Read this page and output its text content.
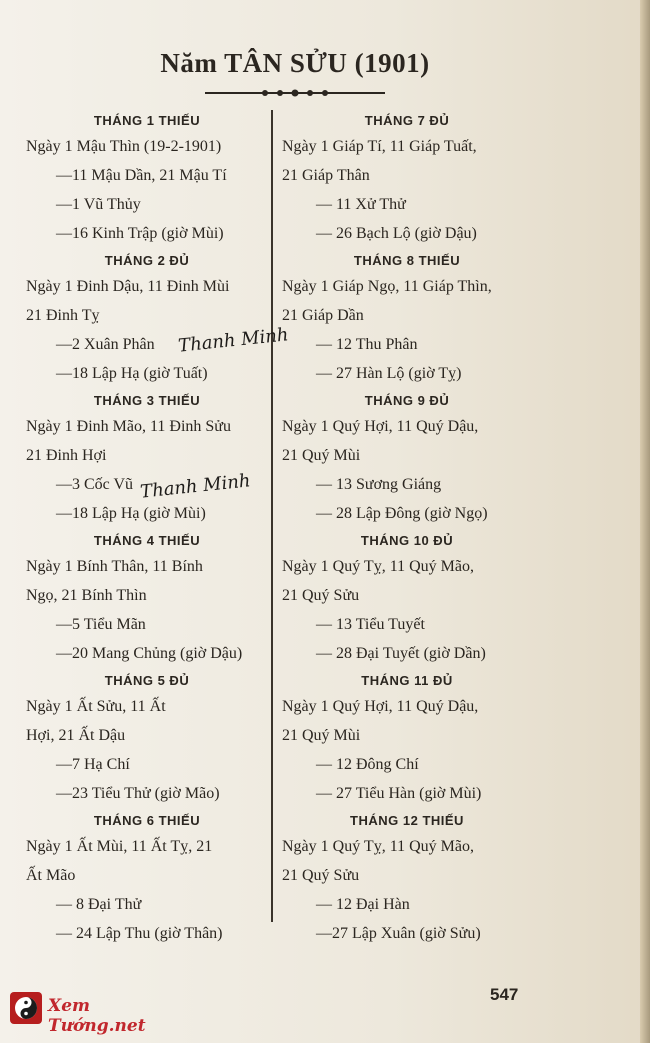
Năm TÂN SỬU (1901)
THÁNG 1 THIẾU
Ngày 1 Mậu Thìn (19-2-1901)
—11 Mậu Dần, 21 Mậu Tí
—1 Vũ Thủy
—16 Kinh Trập (giờ Mùi)
THÁNG 2 ĐỦ
Ngày 1 Đinh Dậu, 11 Đinh Mùi
21 Đinh Tỵ
—2 Xuân Phân
—18 Lập Hạ (giờ Tuất)
THÁNG 3 THIẾU
Ngày 1 Đinh Mão, 11 Đinh Sửu
21 Đinh Hợi
—3 Cốc Vũ
—18 Lập Hạ (giờ Mùi)
THÁNG 4 THIẾU
Ngày 1 Bính Thân, 11 Bính
Ngọ, 21 Bính Thìn
—5 Tiểu Mãn
—20 Mang Chủng (giờ Dậu)
THÁNG 5 ĐỦ
Ngày 1 Ất Sửu, 11 Ất
Hợi, 21 Ất Dậu
—7 Hạ Chí
—23 Tiểu Thử (giờ Mão)
THÁNG 6 THIẾU
Ngày 1 Ất Mùi, 11 Ất Tỵ, 21
Ất Mão
— 8 Đại Thử
— 24 Lập Thu (giờ Thân)
THÁNG 7 ĐỦ
Ngày 1 Giáp Tí, 11 Giáp Tuất,
21 Giáp Thân
— 11 Xử Thử
— 26 Bạch Lộ (giờ Dậu)
THÁNG 8 THIẾU
Ngày 1 Giáp Ngọ, 11 Giáp Thìn,
21 Giáp Dần
— 12 Thu Phân
— 27 Hàn Lộ (giờ Tỵ)
THÁNG 9 ĐỦ
Ngày 1 Quý Hợi, 11 Quý Dậu,
21 Quý Mùi
— 13 Sương Giáng
— 28 Lập Đông (giờ Ngọ)
THÁNG 10 ĐỦ
Ngày 1 Quý Tỵ, 11 Quý Mão,
21 Quý Sửu
— 13 Tiểu Tuyết
— 28 Đại Tuyết (giờ Dần)
THÁNG 11 ĐỦ
Ngày 1 Quý Hợi, 11 Quý Dậu,
21 Quý Mùi
— 12 Đông Chí
— 27 Tiểu Hàn (giờ Mùi)
THÁNG 12 THIẾU
Ngày 1 Quý Tỵ, 11 Quý Mão,
21 Quý Sửu
— 12 Đại Hàn
—27 Lập Xuân (giờ Sửu)
Thanh Minh
Thanh Minh
547
Xem Tướng.net
